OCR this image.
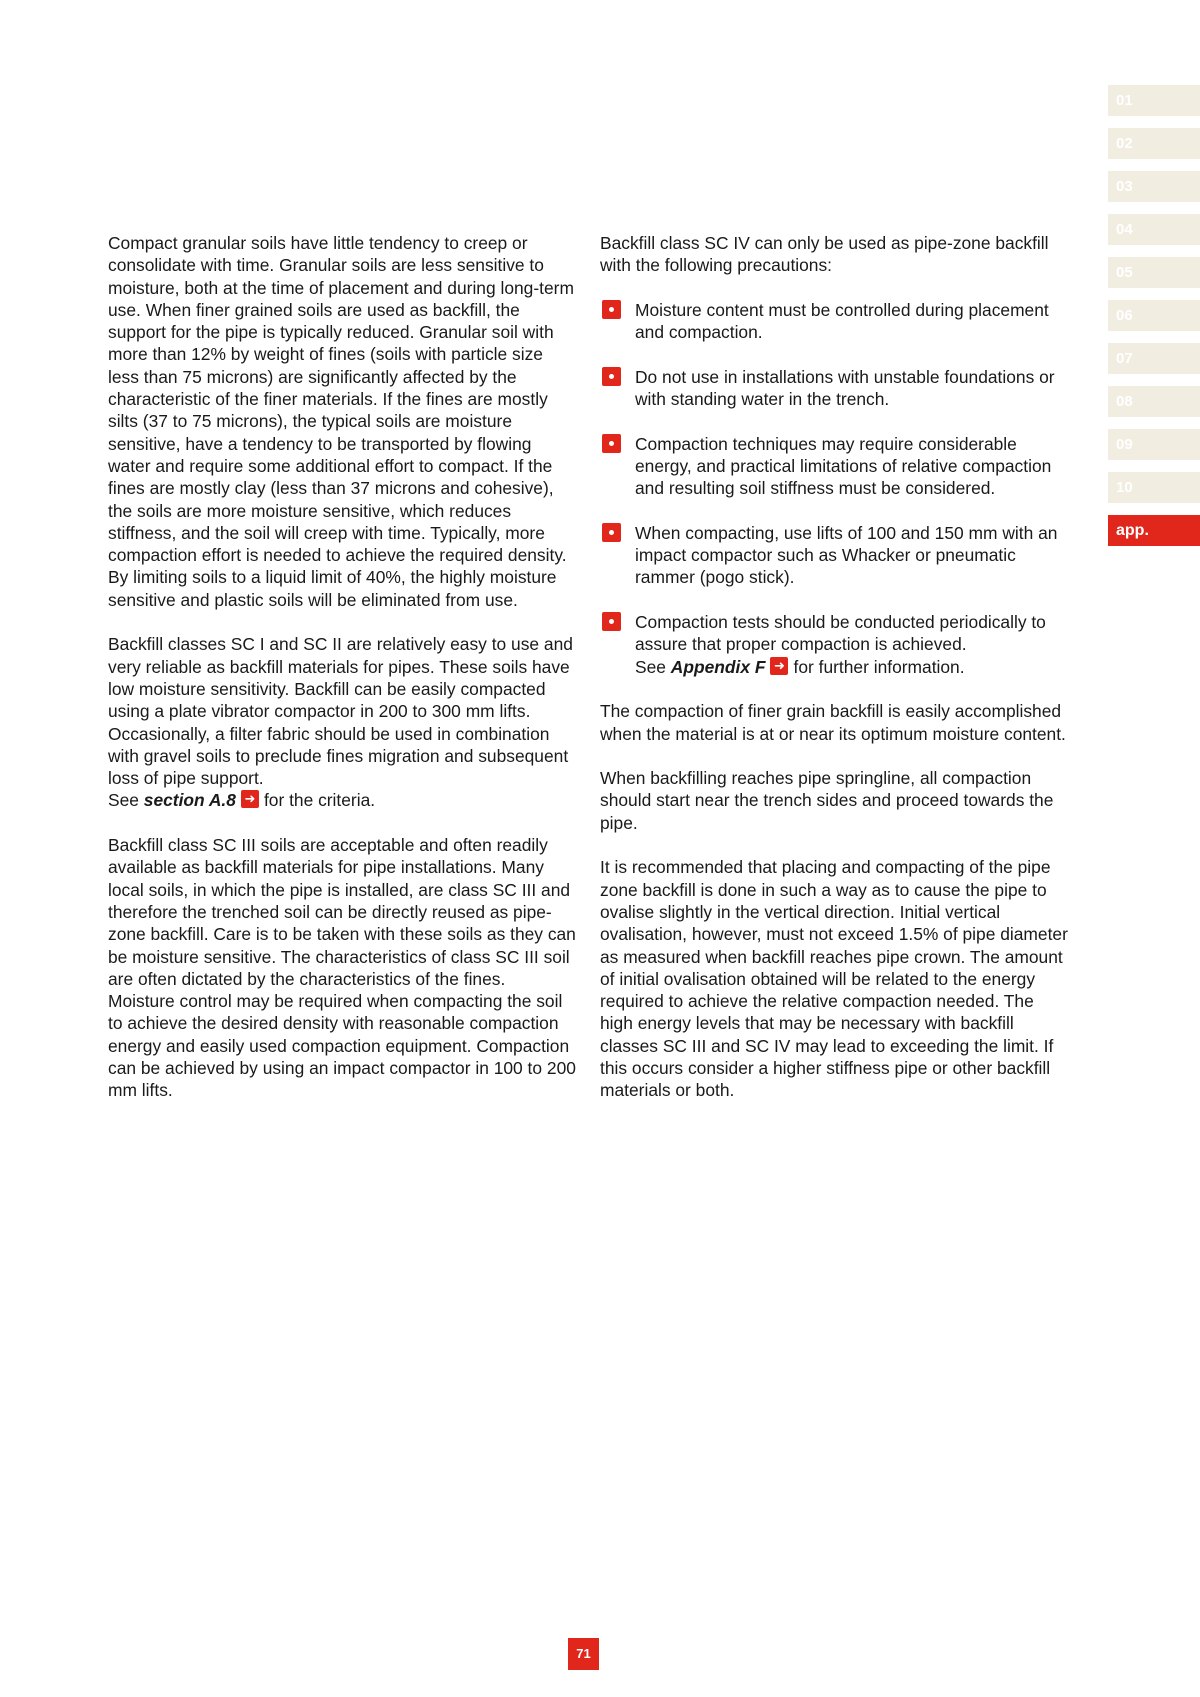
01
02
03
04
05
06
07
08
09
10
app.

Compact granular soils have little tendency to creep or consolidate with time. Granular soils are less sensitive to moisture, both at the time of placement and during long-term use. When finer grained soils are used as backfill, the support for the pipe is typically reduced. Granular soil with more than 12% by weight of fines (soils with particle size less than 75 microns) are significantly affected by the characteristic of the finer materials. If the fines are mostly silts (37 to 75 microns), the typical soils are moisture sensitive, have a tendency to be transported by flowing water and require some additional effort to compact. If the fines are mostly clay (less than 37 microns and cohesive), the soils are more moisture sensitive, which reduces stiffness, and the soil will creep with time. Typically, more compaction effort is needed to achieve the required density. By limiting soils to a liquid limit of 40%, the highly moisture sensitive and plastic soils will be eliminated from use.

Backfill classes SC I and SC II are relatively easy to use and very reliable as backfill materials for pipes. These soils have low moisture sensitivity. Backfill can be easily compacted using a plate vibrator compactor in 200 to 300 mm lifts. Occasionally, a filter fabric should be used in combination with gravel soils to preclude fines migration and subsequent loss of pipe support.
See section A.8 ➜ for the criteria.

Backfill class SC III soils are acceptable and often readily available as backfill materials for pipe installations. Many local soils, in which the pipe is installed, are class SC III and therefore the trenched soil can be directly reused as pipe-zone backfill. Care is to be taken with these soils as they can be moisture sensitive. The characteristics of class SC III soil are often dictated by the characteristics of the fines. Moisture control may be required when compacting the soil to achieve the desired density with reasonable compaction energy and easily used compaction equipment. Compaction can be achieved by using an impact compactor in 100 to 200 mm lifts.

Backfill class SC IV can only be used as pipe-zone backfill with the following precautions:

Moisture content must be controlled during placement and compaction.
Do not use in installations with unstable foundations or with standing water in the trench.
Compaction techniques may require considerable energy, and practical limitations of relative compaction and resulting soil stiffness must be considered.
When compacting, use lifts of 100 and 150 mm with an impact compactor such as Whacker or pneumatic rammer (pogo stick).
Compaction tests should be conducted periodically to assure that proper compaction is achieved.
See Appendix F ➜ for further information.

The compaction of finer grain backfill is easily accomplished when the material is at or near its optimum moisture content.

When backfilling reaches pipe springline, all compaction should start near the trench sides and proceed towards the pipe.

It is recommended that placing and compacting of the pipe zone backfill is done in such a way as to cause the pipe to ovalise slightly in the vertical direction. Initial vertical ovalisation, however, must not exceed 1.5% of pipe diameter as measured when backfill reaches pipe crown. The amount of initial ovalisation obtained will be related to the energy required to achieve the relative compaction needed. The high energy levels that may be necessary with backfill classes SC III and SC IV may lead to exceeding the limit. If this occurs consider a higher stiffness pipe or other backfill materials or both.

71
